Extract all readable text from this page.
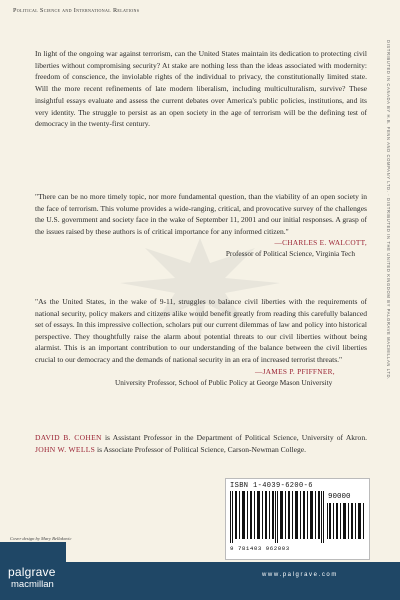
Political Science and International Relations
DISTRIBUTED IN CANADA BY H.B. FENN AND COMPANY LTD. · DISTRIBUTED IN THE UNITED KINGDOM BY PALGRAVE MACMILLAN LTD.
In light of the ongoing war against terrorism, can the United States maintain its dedication to protecting civil liberties without compromising security? At stake are nothing less than the ideas associated with modernity: freedom of conscience, the inviolable rights of the individual to privacy, the constitutionally limited state. Will the more recent refinements of late modern liberalism, including multiculturalism, survive? These insightful essays evaluate and assess the current debates over America's public policies, institutions, and its very identity. The struggle to persist as an open society in the age of terrorism will be the defining test of democracy in the twenty-first century.
"There can be no more timely topic, nor more fundamental question, than the viability of an open society in the face of terrorism. This volume provides a wide-ranging, critical, and provocative survey of the challenges the U.S. government and society face in the wake of September 11, 2001 and our initial responses. A grasp of the issues raised by these authors is of critical importance for any informed citizen."
—CHARLES E. WALCOTT,
Professor of Political Science, Virginia Tech
"As the United States, in the wake of 9-11, struggles to balance civil liberties with the requirements of national security, policy makers and citizens alike would benefit greatly from reading this carefully balanced set of essays. In this impressive collection, scholars put our current dilemmas of law and policy into historical perspective. They thoughtfully raise the alarm about potential threats to our civil liberties without being alarmist. This is an important contribution to our understanding of the balance between the civil liberties crucial to our democracy and the demands of national security in an era of increased terrorist threats."
—JAMES P. PFIFFNER,
University Professor, School of Public Policy at George Mason University
DAVID B. COHEN is Assistant Professor in the Department of Political Science, University of Akron. JOHN W. WELLS is Associate Professor of Political Science, Carson-Newman College.
Cover design by Mary Bellakovic
ISBN 1-4039-6200-6
90000
9 781403 962003
www.palgrave.com
palgrave
macmillan
